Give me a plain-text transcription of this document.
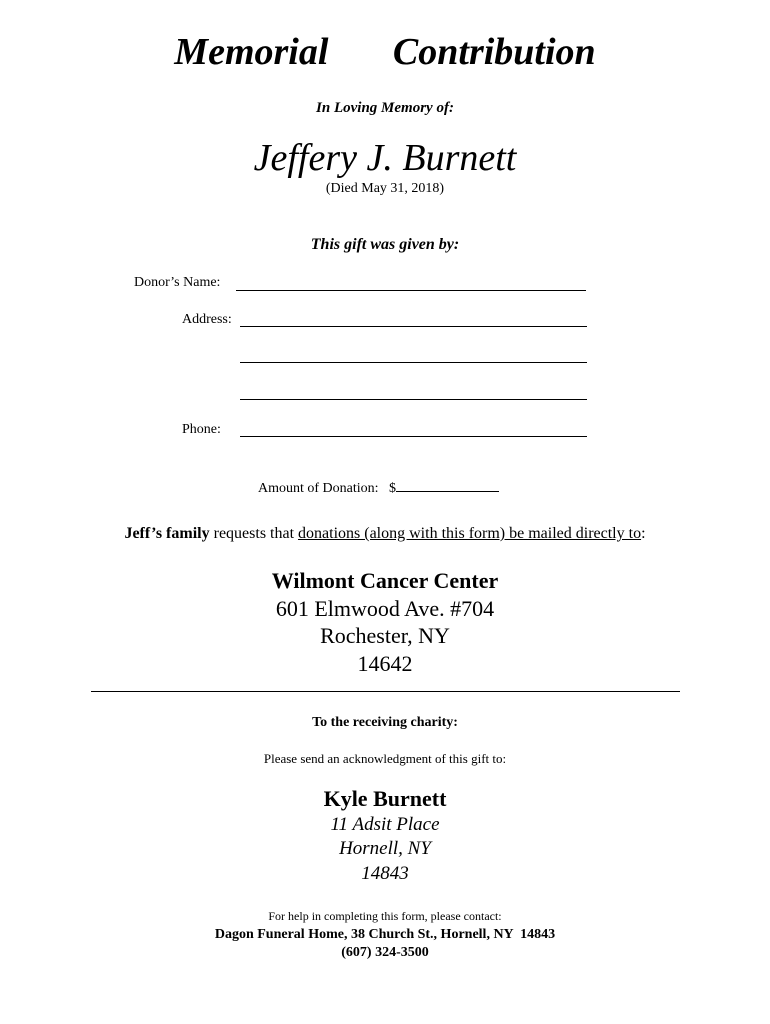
Memorial   Contribution
In Loving Memory of:
Jeffery J. Burnett
(Died May 31, 2018)
This gift was given by:
Donor’s Name:
Address:
Phone:
Amount of Donation:   $
Jeff’s family requests that donations (along with this form) be mailed directly to:
Wilmont Cancer Center
601 Elmwood Ave. #704
Rochester, NY
14642
To the receiving charity:
Please send an acknowledgment of this gift to:
Kyle Burnett
11 Adsit Place
Hornell, NY
14843
For help in completing this form, please contact:
Dagon Funeral Home, 38 Church St., Hornell, NY  14843
(607) 324-3500
